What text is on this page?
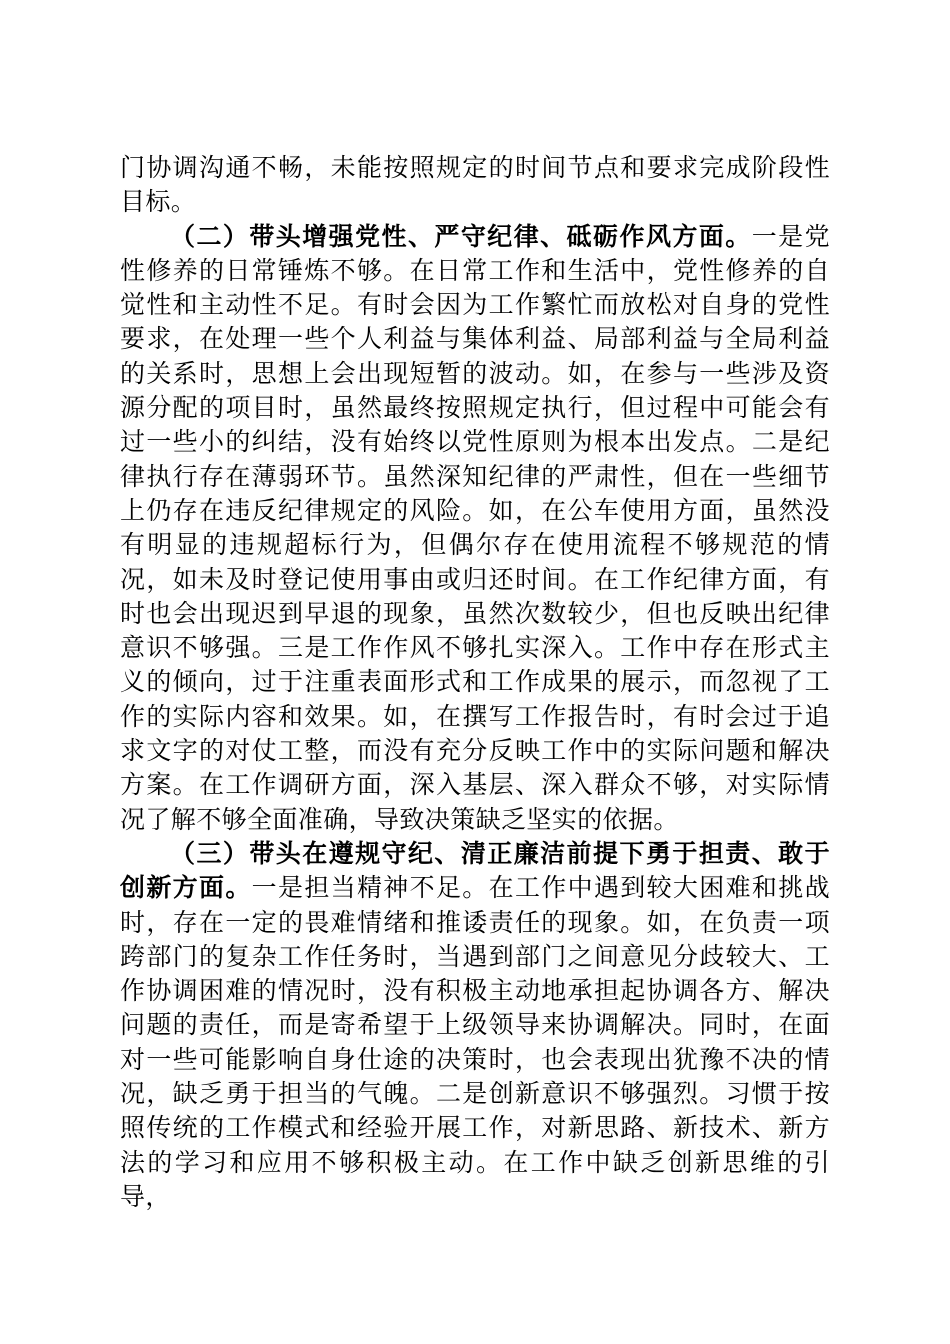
门协调沟通不畅，未能按照规定的时间节点和要求完成阶段性目标。

（二）带头增强党性、严守纪律、砥砺作风方面。一是党性修养的日常锤炼不够。在日常工作和生活中，党性修养的自觉性和主动性不足。有时会因为工作繁忙而放松对自身的党性要求，在处理一些个人利益与集体利益、局部利益与全局利益的关系时，思想上会出现短暂的波动。如，在参与一些涉及资源分配的项目时，虽然最终按照规定执行，但过程中可能会有过一些小的纠结，没有始终以党性原则为根本出发点。二是纪律执行存在薄弱环节。虽然深知纪律的严肃性，但在一些细节上仍存在违反纪律规定的风险。如，在公车使用方面，虽然没有明显的违规超标行为，但偶尔存在使用流程不够规范的情况，如未及时登记使用事由或归还时间。在工作纪律方面，有时也会出现迟到早退的现象，虽然次数较少，但也反映出纪律意识不够强。三是工作作风不够扎实深入。工作中存在形式主义的倾向，过于注重表面形式和工作成果的展示，而忽视了工作的实际内容和效果。如，在撰写工作报告时，有时会过于追求文字的对仗工整，而没有充分反映工作中的实际问题和解决方案。在工作调研方面，深入基层、深入群众不够，对实际情况了解不够全面准确，导致决策缺乏坚实的依据。

（三）带头在遵规守纪、清正廉洁前提下勇于担责、敢于创新方面。一是担当精神不足。在工作中遇到较大困难和挑战时，存在一定的畏难情绪和推诿责任的现象。如，在负责一项跨部门的复杂工作任务时，当遇到部门之间意见分歧较大、工作协调困难的情况时，没有积极主动地承担起协调各方、解决问题的责任，而是寄希望于上级领导来协调解决。同时，在面对一些可能影响自身仕途的决策时，也会表现出犹豫不决的情况，缺乏勇于担当的气魄。二是创新意识不够强烈。习惯于按照传统的工作模式和经验开展工作，对新思路、新技术、新方法的学习和应用不够积极主动。在工作中缺乏创新思维的引导，
